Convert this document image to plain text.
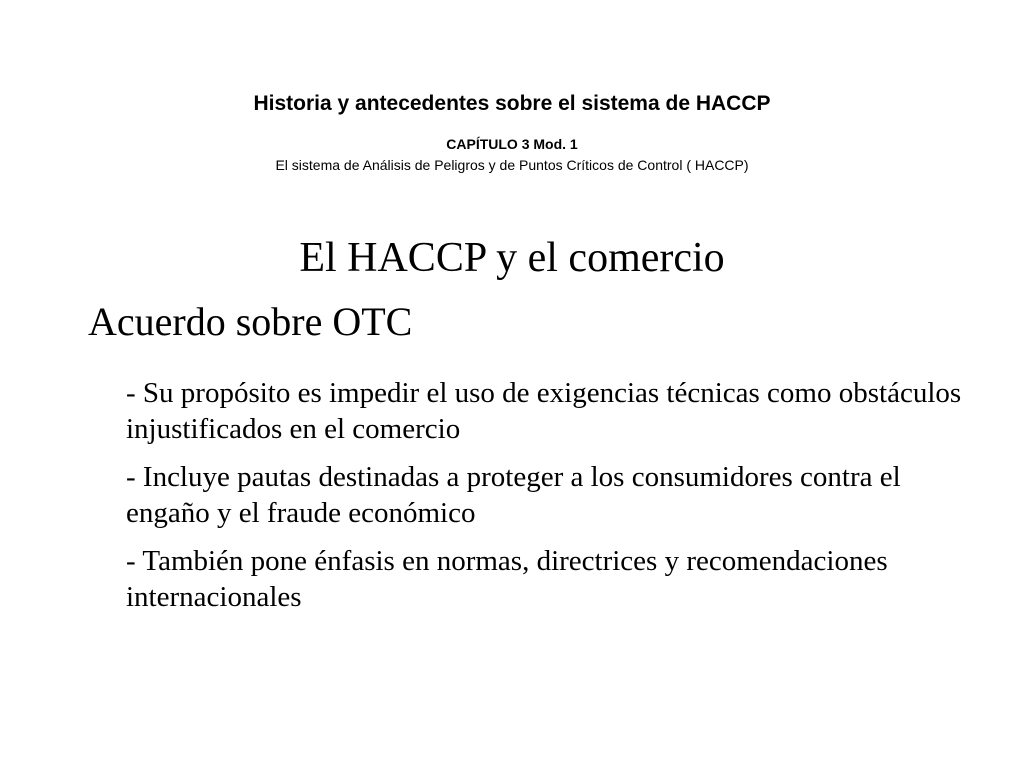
Historia y antecedentes sobre el sistema de HACCP
CAPÍTULO 3 Mod. 1
El sistema de Análisis de Peligros y de Puntos Críticos de Control ( HACCP)
El HACCP y el comercio
Acuerdo sobre OTC
- Su propósito es impedir el uso de exigencias técnicas como obstáculos injustificados en el comercio
- Incluye pautas destinadas a proteger a los consumidores contra el engaño y el fraude económico
- También pone énfasis en normas, directrices y recomendaciones internacionales
